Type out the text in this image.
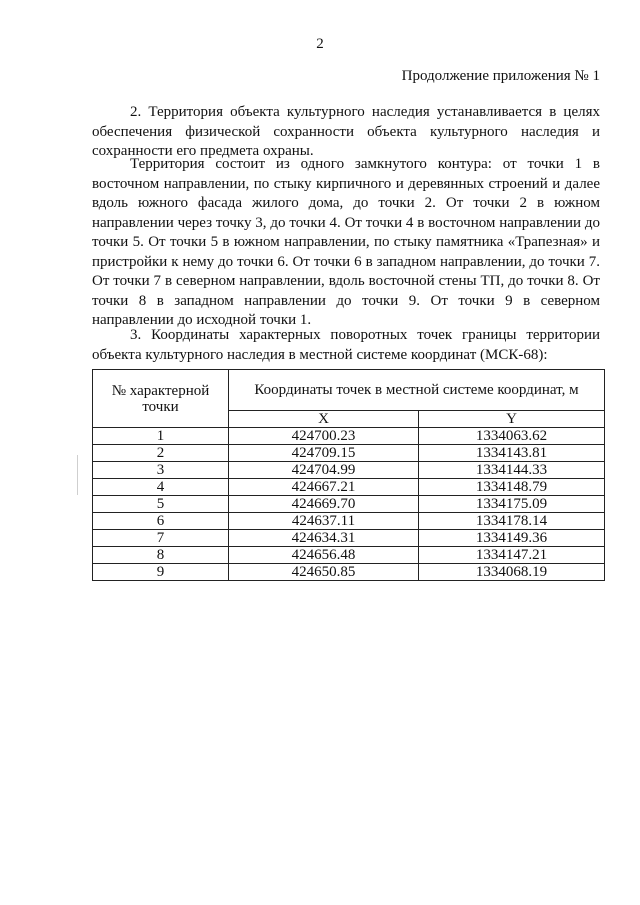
2
Продолжение приложения № 1

2. Территория объекта культурного наследия устанавливается в целях обеспечения физической сохранности объекта культурного наследия и сохранности его предмета охраны.

Территория состоит из одного замкнутого контура: от точки 1 в восточном направлении, по стыку кирпичного и деревянных строений и далее вдоль южного фасада жилого дома, до точки 2. От точки 2 в южном направлении через точку 3, до точки 4. От точки 4 в восточном направлении до точки 5. От точки 5 в южном направлении, по стыку памятника «Трапезная» и пристройки к нему до точки 6. От точки 6 в западном направлении, до точки 7. От точки 7 в северном направлении, вдоль восточной стены ТП, до точки 8. От точки 8 в западном направлении до точки 9. От точки 9 в северном направлении до исходной точки 1.

3. Координаты характерных поворотных точек границы территории объекта культурного наследия в местной системе координат (МСК-68):

№ характерной точки	Координаты точек в местной системе координат, м	
	X	Y
1	424700.23	1334063.62
2	424709.15	1334143.81
3	424704.99	1334144.33
4	424667.21	1334148.79
5	424669.70	1334175.09
6	424637.11	1334178.14
7	424634.31	1334149.36
8	424656.48	1334147.21
9	424650.85	1334068.19
